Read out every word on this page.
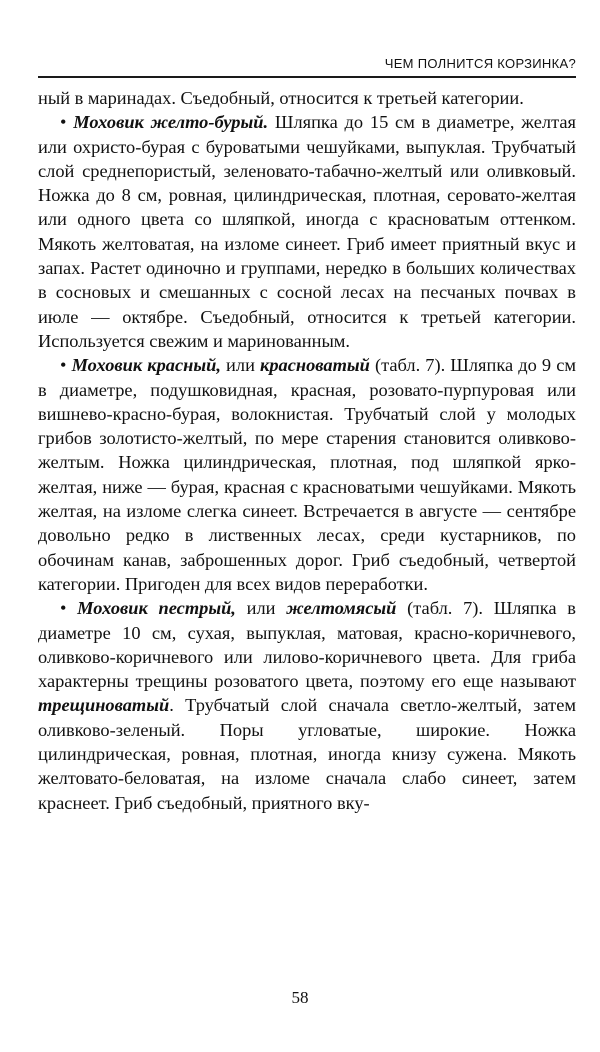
ЧЕМ ПОЛНИТСЯ КОРЗИНКА?

ный в маринадах. Съедобный, относится к третьей категории.

• Моховик желто-бурый. Шляпка до 15 см в диаметре, желтая или охристо-бурая с буроватыми чешуйками, выпуклая. Трубчатый слой среднепористый, зеленовато-табачно-желтый или оливковый. Ножка до 8 см, ровная, цилиндрическая, плотная, серовато-желтая или одного цвета со шляпкой, иногда с красноватым оттенком. Мякоть желтоватая, на изломе синеет. Гриб имеет приятный вкус и запах. Растет одиночно и группами, нередко в больших количествах в сосновых и смешанных с сосной лесах на песчаных почвах в июле — октябре. Съедобный, относится к третьей категории. Используется свежим и маринованным.

• Моховик красный, или красноватый (табл. 7). Шляпка до 9 см в диаметре, подушковидная, красная, розовато-пурпуровая или вишнево-красно-бурая, волокнистая. Трубчатый слой у молодых грибов золотисто-желтый, по мере старения становится оливково-желтым. Ножка цилиндрическая, плотная, под шляпкой ярко-желтая, ниже — бурая, красная с красноватыми чешуйками. Мякоть желтая, на изломе слегка синеет. Встречается в августе — сентябре довольно редко в лиственных лесах, среди кустарников, по обочинам канав, заброшенных дорог. Гриб съедобный, четвертой категории. Пригоден для всех видов переработки.

• Моховик пестрый, или желтомясый (табл. 7). Шляпка в диаметре 10 см, сухая, выпуклая, матовая, красно-коричневого, оливково-коричневого или лилово-коричневого цвета. Для гриба характерны трещины розоватого цвета, поэтому его еще называют трещиноватый. Трубчатый слой сначала светло-желтый, затем оливково-зеленый. Поры угловатые, широкие. Ножка цилиндрическая, ровная, плотная, иногда книзу сужена. Мякоть желтовато-беловатая, на изломе сначала слабо синеет, затем краснеет. Гриб съедобный, приятного вку-

58
